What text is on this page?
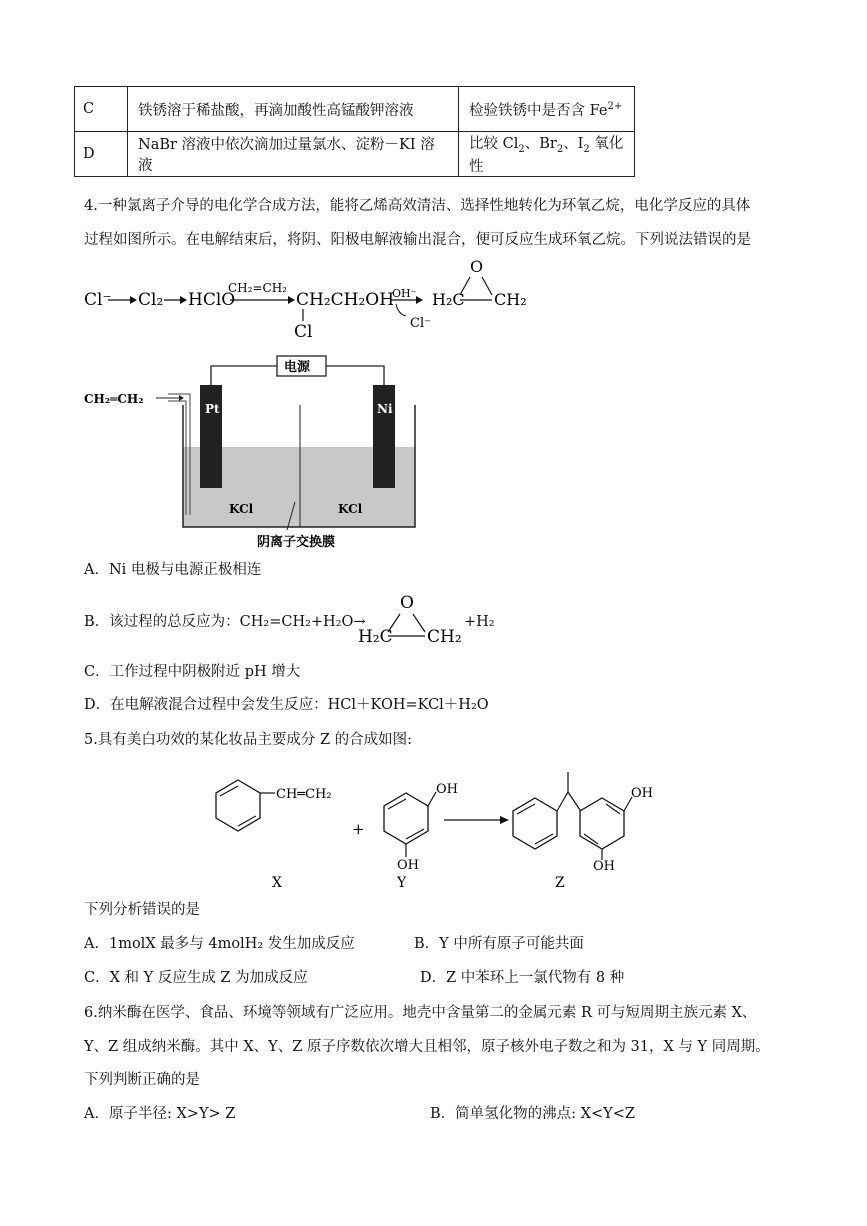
C	铁锈溶于稀盐酸，再滴加酸性高锰酸钾溶液	检验铁锈中是否含 $Fe^{2+}$
D	NaBr 溶液中依次滴加过量氯水、淀粉－KI 溶液	比较 $Cl_2$、$Br_2$、$I_2$ 氧化性
4.一种氯离子介导的电化学合成方法，能将乙烯高效清洁、选择性地转化为环氧乙烷，电化学反应的具体
过程如图所示。在电解结束后，将阴、阳极电解液输出混合，便可反应生成环氧乙烷。下列说法错误的是
Cl⁻ Cl₂ HClO
CH₂=CH₂
CH₂CH₂OH
Cl
OH⁻
Cl⁻
O
H₂C CH₂
电源
CH₂═CH₂
Pt	Ni
KCl	KCl
阴离子交换膜
A．Ni 电极与电源正极相连
B．该过程的总反应为：CH₂=CH₂+H₂O→
O
H₂C CH₂
+H₂
C．工作过程中阴极附近 pH 增大
D．在电解液混合过程中会发生反应：HCl＋KOH=KCl＋H₂O
5.具有美白功效的某化妆品主要成分 Z 的合成如图:
CH═CH₂
+
OH
OH
OH
OH
X	Y	Z
下列分析错误的是
A．1molX 最多与 4molH₂ 发生加成反应	B．Y 中所有原子可能共面
C．X 和 Y 反应生成 Z 为加成反应	D．Z 中苯环上一氯代物有 8 种
6.纳米酶在医学、食品、环境等领域有广泛应用。地壳中含量第二的金属元素 R 可与短周期主族元素 X、
Y、Z 组成纳米酶。其中 X、Y、Z 原子序数依次增大且相邻，原子核外电子数之和为 31，X 与 Y 同周期。
下列判断正确的是
A．原子半径: X>Y> Z	B．简单氢化物的沸点: X<Y<Z
